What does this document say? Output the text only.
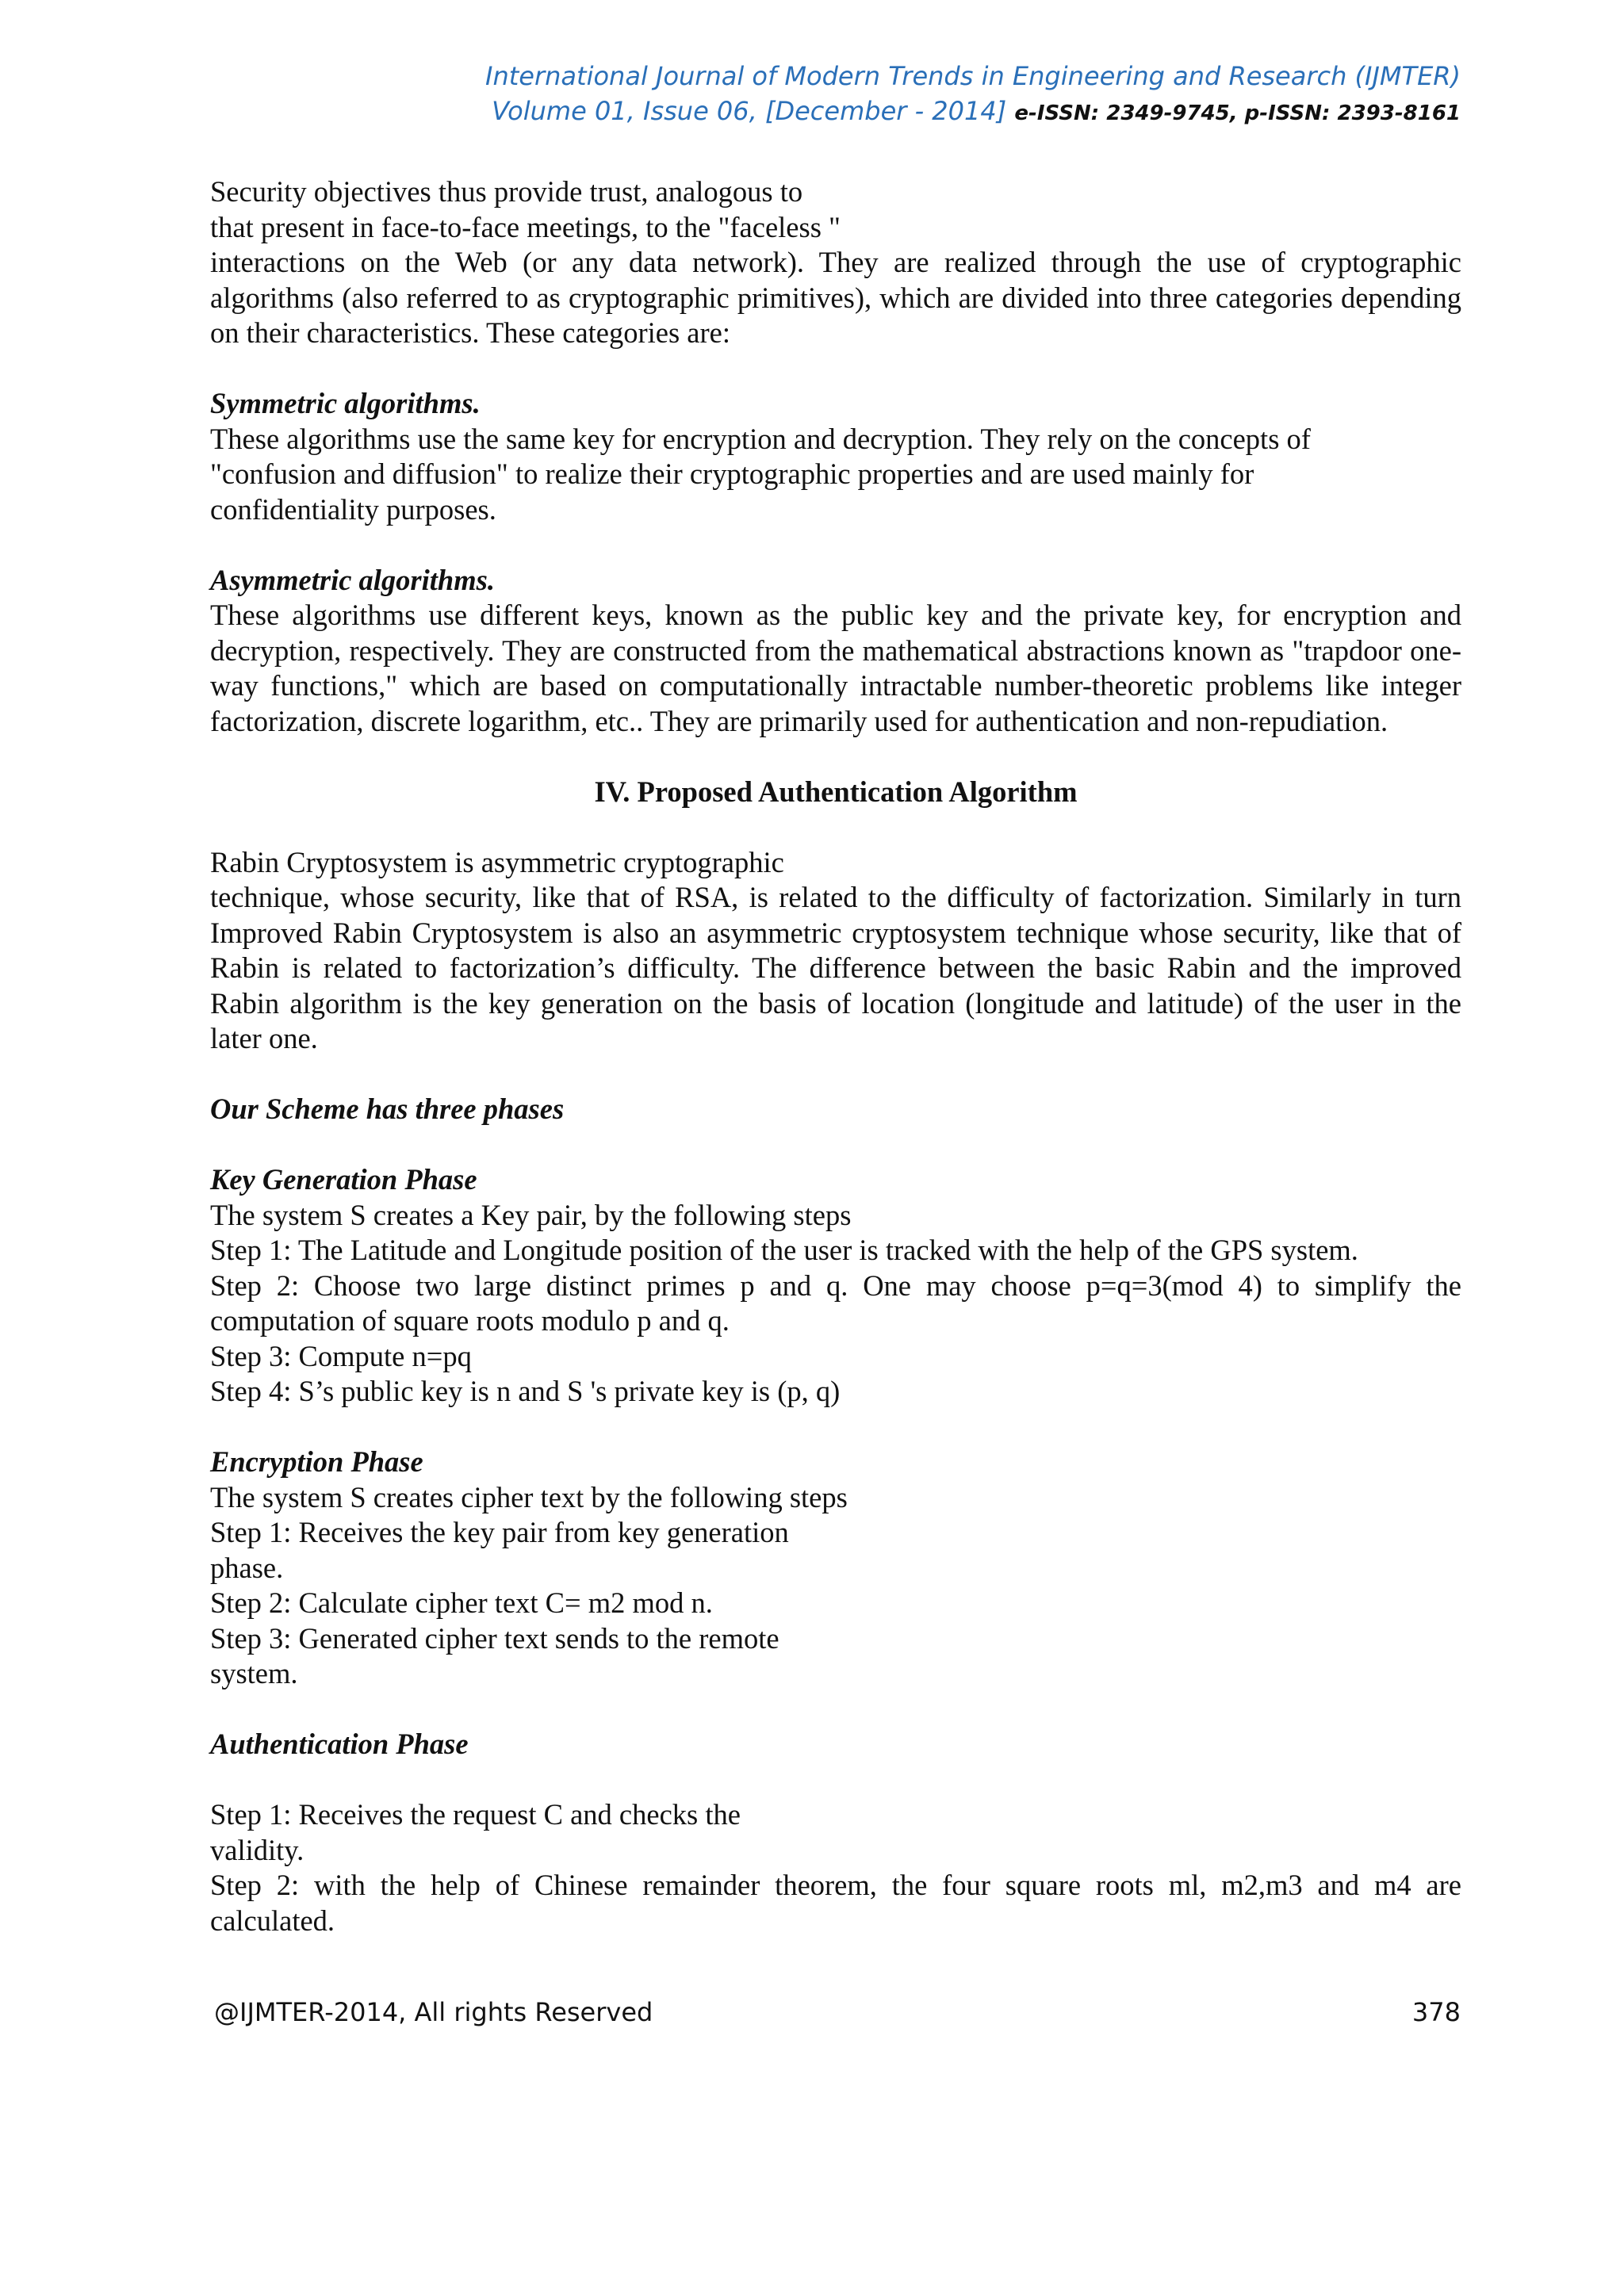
International Journal of Modern Trends in Engineering and Research (IJMTER)
Volume 01, Issue 06, [December - 2014] e-ISSN: 2349-9745, p-ISSN: 2393-8161

Security objectives thus provide trust, analogous to

that present in face-to-face meetings, to the "faceless "

interactions on the Web (or any data network). They are realized through the use of cryptographic algorithms (also referred to as cryptographic primitives), which are divided into three categories depending on their characteristics. These categories are:

Symmetric algorithms.

These algorithms use the same key for encryption and decryption. They rely on the concepts of

"confusion and diffusion" to realize their cryptographic properties and are used mainly for

confidentiality purposes.

Asymmetric algorithms.

These algorithms use different keys, known as the public key and the private key, for encryption and decryption, respectively. They are constructed from the mathematical abstractions known as "trapdoor one-way functions," which are based on computationally intractable number-theoretic problems like integer factorization, discrete logarithm, etc.. They are primarily used for authentication and non-repudiation.

IV. Proposed Authentication Algorithm

Rabin Cryptosystem is asymmetric cryptographic

technique, whose security, like that of RSA, is related to the difficulty of factorization. Similarly in turn Improved Rabin Cryptosystem is also an asymmetric cryptosystem technique whose security, like that of Rabin is related to factorization’s difficulty. The difference between the basic Rabin and the improved Rabin algorithm is the key generation on the basis of location (longitude and latitude) of the user in the later one.

Our Scheme has three phases

Key Generation Phase

The system S creates a Key pair, by the following steps

Step 1: The Latitude and Longitude position of the user is tracked with the help of the GPS system.

Step 2: Choose two large distinct primes p and q. One may choose p=q=3(mod 4) to simplify the computation of square roots modulo p and q.

Step 3: Compute n=pq

Step 4: S’s public key is n and S 's private key is (p, q)

Encryption Phase

The system S creates cipher text by the following steps

Step 1: Receives the key pair from key generation

phase.

Step 2: Calculate cipher text C= m2 mod n.

Step 3: Generated cipher text sends to the remote

system.

Authentication Phase

Step 1: Receives the request C and checks the

validity.

Step 2: with the help of Chinese remainder theorem, the four square roots ml, m2,m3 and m4 are calculated.

@IJMTER-2014, All rights Reserved	378
